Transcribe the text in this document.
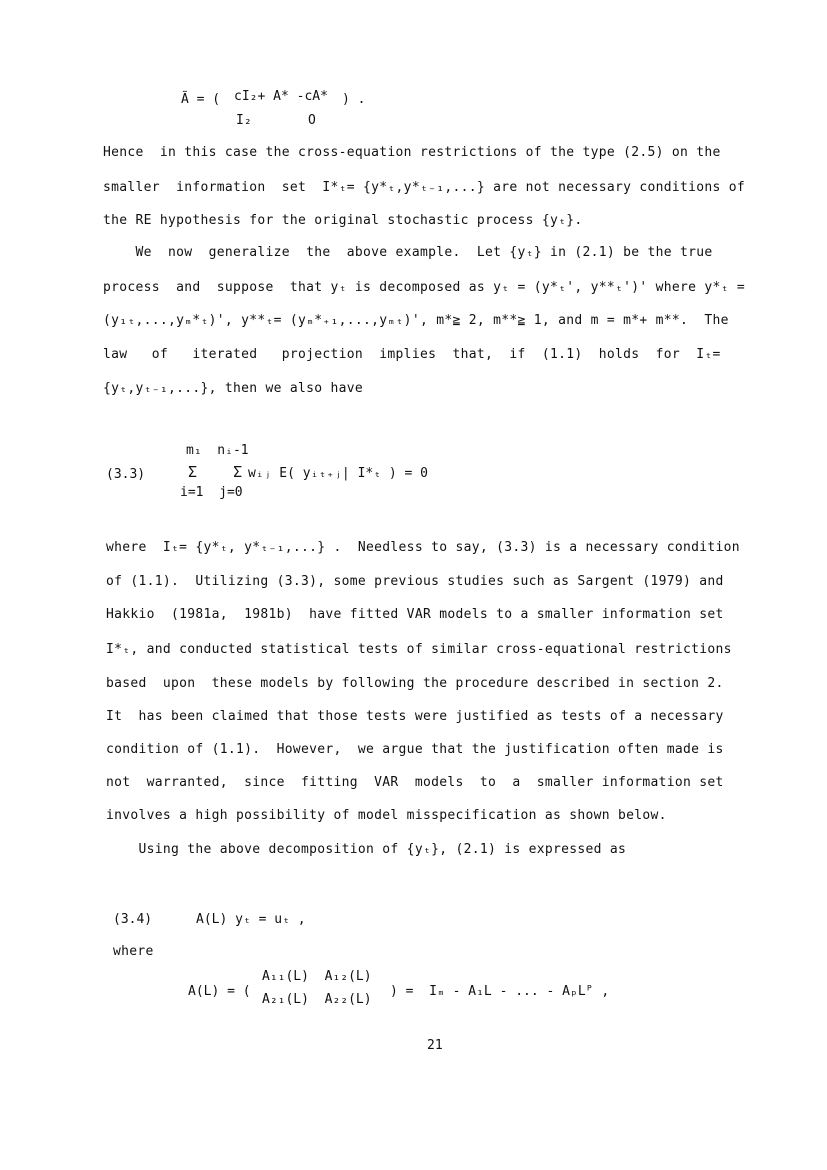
Ã = ( cI₂+ A* -cA* ) .
I₂	O
Hence  in this case the cross-equation restrictions of the type (2.5) on the
smaller  information  set  I*ₜ= {y*ₜ,y*ₜ₋₁,...} are not necessary conditions of
the RE hypothesis for the original stochastic process {yₜ}.
We  now  generalize  the  above example.  Let {yₜ} in (2.1) be the true
process  and  suppose  that yₜ is decomposed as yₜ = (y*ₜ', y**ₜ')' where y*ₜ =
(y₁ₜ,...,yₘ*ₜ)', y**ₜ= (yₘ*₊₁,...,yₘₜ)', m*≧ 2, m**≧ 1, and m = m*+ m**.  The
law   of   iterated   projection  implies  that,  if  (1.1)  holds  for  Iₜ=
{yₜ,yₜ₋₁,...}, then we also have
(3.3)
m₁  nᵢ-1
Σ    Σ wᵢⱼ E( yᵢₜ₊ⱼ| I*ₜ ) = 0
i=1  j=0
where  Iₜ= {y*ₜ, y*ₜ₋₁,...} .  Needless to say, (3.3) is a necessary condition
of (1.1).  Utilizing (3.3), some previous studies such as Sargent (1979) and
Hakkio  (1981a,  1981b)  have fitted VAR models to a smaller information set
I*ₜ, and conducted statistical tests of similar cross-equational restrictions
based  upon  these models by following the procedure described in section 2.
It  has been claimed that those tests were justified as tests of a necessary
condition of (1.1).  However,  we argue that the justification often made is
not  warranted,  since  fitting  VAR  models  to  a  smaller information set
involves a high possibility of model misspecification as shown below.
Using the above decomposition of {yₜ}, (2.1) is expressed as
(3.4)	A(L) yₜ = uₜ ,
where
A(L) = (
A₁₁(L)  A₁₂(L)
A₂₁(L)  A₂₂(L)
) =  Iₘ - A₁L - ... - AₚLᴾ ,
21
